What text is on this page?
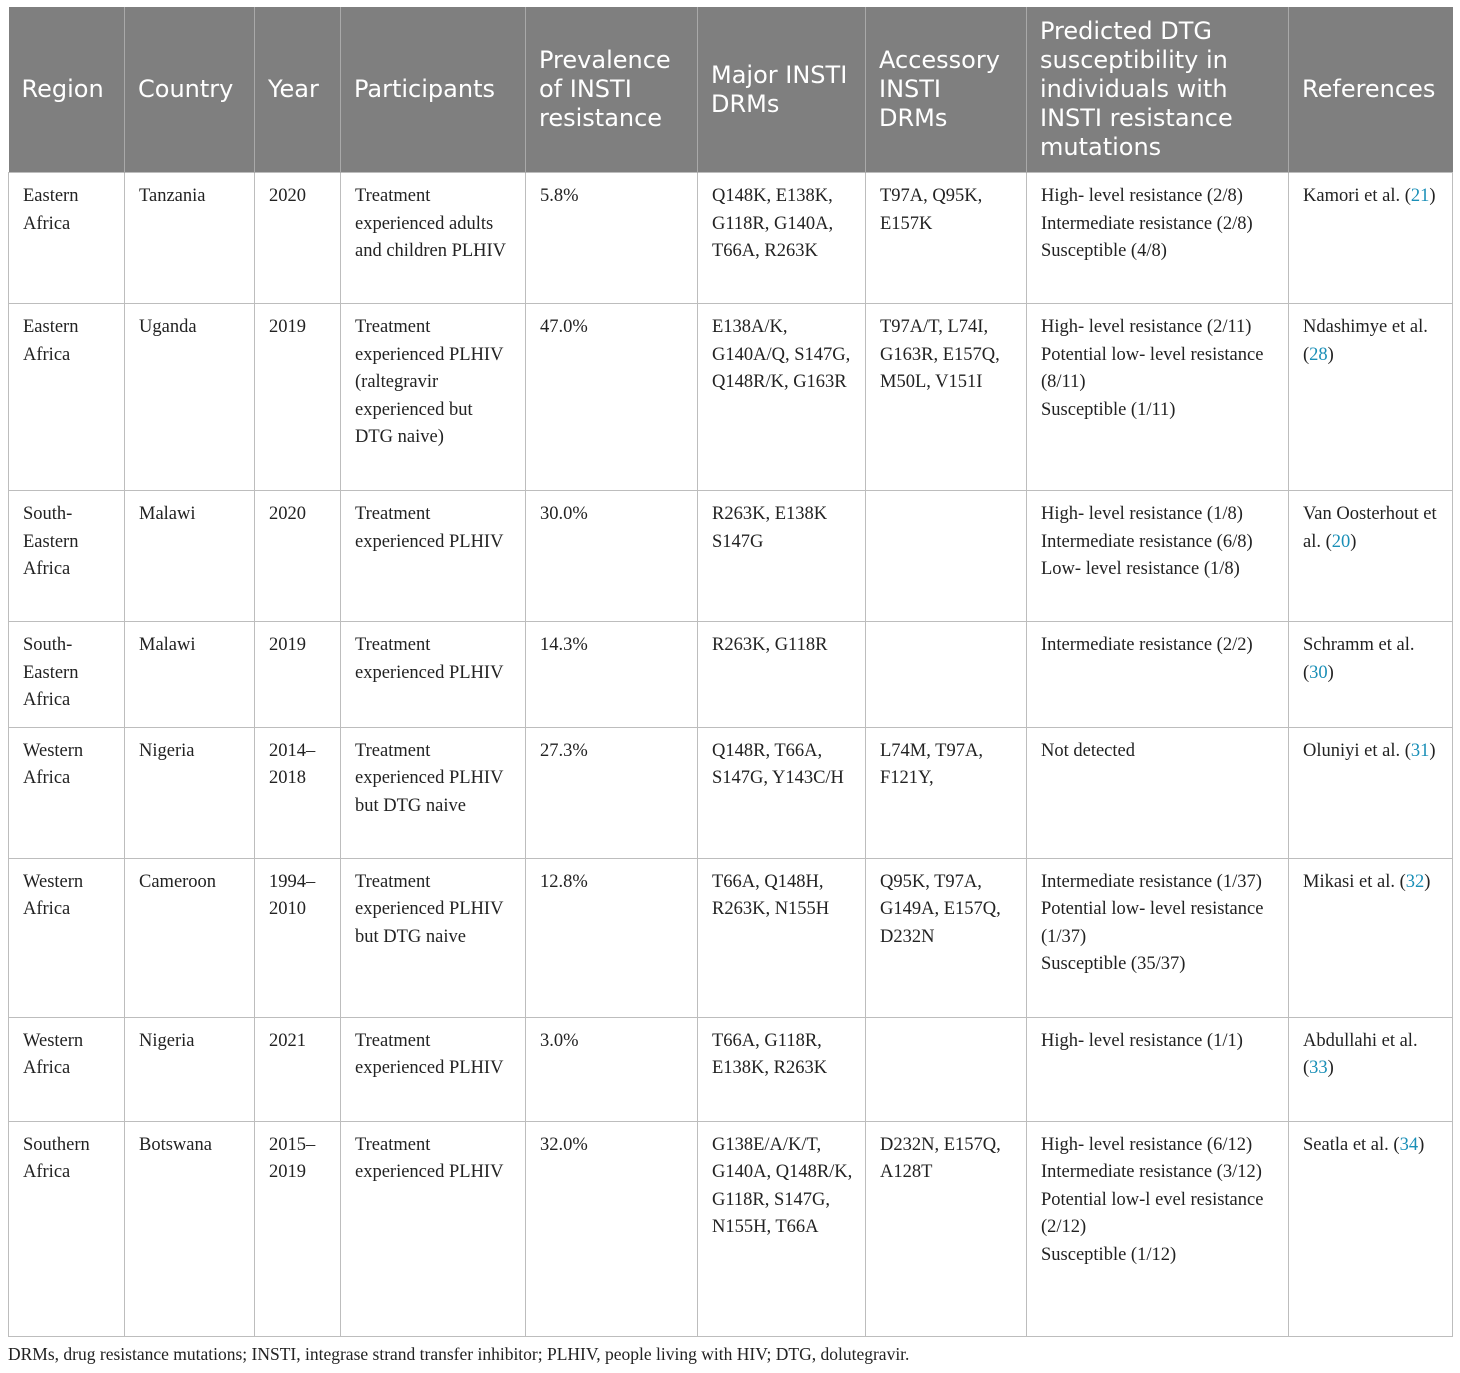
Region	Country	Year	Participants	Prevalence of INSTI resistance	Major INSTI DRMs	Accessory INSTI DRMs	Predicted DTG susceptibility in individuals with INSTI resistance mutations	References
Eastern Africa	Tanzania	2020	Treatment experienced adults and children PLHIV	5.8%	Q148K, E138K, G118R, G140A, T66A, R263K	T97A, Q95K, E157K	High- level resistance (2/8)
Intermediate resistance (2/8)
Susceptible (4/8)	Kamori et al. (21)
Eastern Africa	Uganda	2019	Treatment experienced PLHIV (raltegravir experienced but DTG naive)	47.0%	E138A/K, G140A/Q, S147G, Q148R/K, G163R	T97A/T, L74I, G163R, E157Q, M50L, V151I	High- level resistance (2/11)
Potential low- level resistance (8/11)
Susceptible (1/11)	Ndashimye et al. (28)
South-Eastern Africa	Malawi	2020	Treatment experienced PLHIV	30.0%	R263K, E138K S147G		High- level resistance (1/8)
Intermediate resistance (6/8)
Low- level resistance (1/8)	Van Oosterhout et al. (20)
South-Eastern Africa	Malawi	2019	Treatment experienced PLHIV	14.3%	R263K, G118R		Intermediate resistance (2/2)	Schramm et al. (30)
Western Africa	Nigeria	2014–2018	Treatment experienced PLHIV but DTG naive	27.3%	Q148R, T66A, S147G, Y143C/H	L74M, T97A, F121Y,	Not detected	Oluniyi et al. (31)
Western Africa	Cameroon	1994–2010	Treatment experienced PLHIV but DTG naive	12.8%	T66A, Q148H, R263K, N155H	Q95K, T97A, G149A, E157Q, D232N	Intermediate resistance (1/37)
Potential low- level resistance (1/37)
Susceptible (35/37)	Mikasi et al. (32)
Western Africa	Nigeria	2021	Treatment experienced PLHIV	3.0%	T66A, G118R, E138K, R263K		High- level resistance (1/1)	Abdullahi et al. (33)
Southern Africa	Botswana	2015–2019	Treatment experienced PLHIV	32.0%	G138E/A/K/T, G140A, Q148R/K, G118R, S147G, N155H, T66A	D232N, E157Q, A128T	High- level resistance (6/12)
Intermediate resistance (3/12)
Potential low-l evel resistance (2/12)
Susceptible (1/12)	Seatla et al. (34)
DRMs, drug resistance mutations; INSTI, integrase strand transfer inhibitor; PLHIV, people living with HIV; DTG, dolutegravir.
